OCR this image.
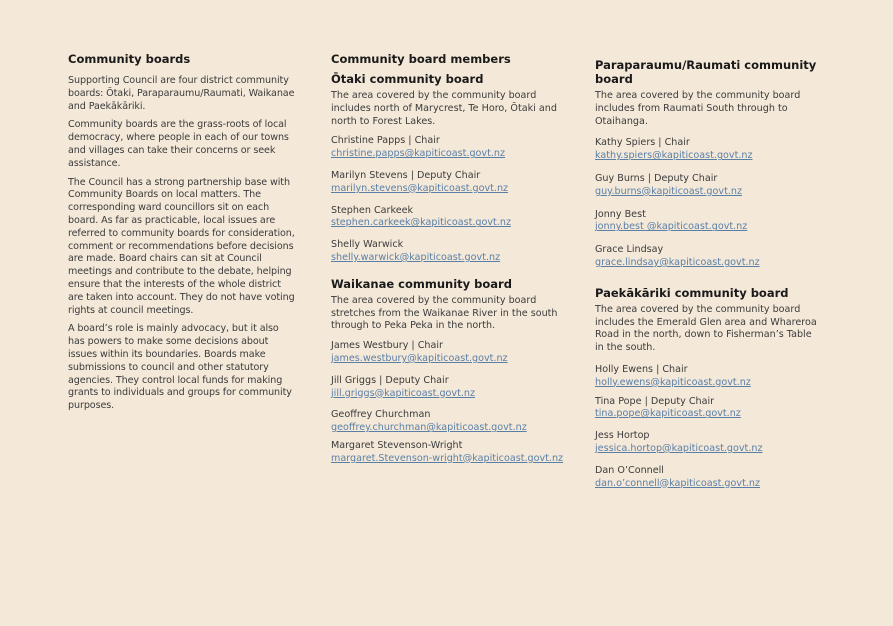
Community boards

Supporting Council are four district community boards: Ōtaki, Paraparaumu/Raumati, Waikanae and Paekākāriki.

Community boards are the grass-roots of local democracy, where people in each of our towns and villages can take their concerns or seek assistance.

The Council has a strong partnership base with Community Boards on local matters. The corresponding ward councillors sit on each board. As far as practicable, local issues are referred to community boards for consideration, comment or recommendations before decisions are made. Board chairs can sit at Council meetings and contribute to the debate, helping ensure that the interests of the whole district are taken into account. They do not have voting rights at council meetings.

A board’s role is mainly advocacy, but it also has powers to make some decisions about issues within its boundaries. Boards make submissions to council and other statutory agencies. They control local funds for making grants to individuals and groups for community purposes.

Community board members
Ōtaki community board
The area covered by the community board includes north of Marycrest, Te Horo, Ōtaki and north to Forest Lakes.
Christine Papps | Chair
christine.papps@kapiticoast.govt.nz
Marilyn Stevens | Deputy Chair
marilyn.stevens@kapiticoast.govt.nz
Stephen Carkeek
stephen.carkeek@kapiticoast.govt.nz
Shelly Warwick
shelly.warwick@kapiticoast.govt.nz
Waikanae community board
The area covered by the community board stretches from the Waikanae River in the south through to Peka Peka in the north.
James Westbury | Chair
james.westbury@kapiticoast.govt.nz
Jill Griggs | Deputy Chair
jill.griggs@kapiticoast.govt.nz
Geoffrey Churchman
geoffrey.churchman@kapiticoast.govt.nz
Margaret Stevenson-Wright
margaret.Stevenson-wright@kapiticoast.govt.nz
Paraparaumu/Raumati community board
The area covered by the community board includes from Raumati South through to Otaihanga.
Kathy Spiers | Chair
kathy.spiers@kapiticoast.govt.nz
Guy Burns | Deputy Chair
guy.burns@kapiticoast.govt.nz
Jonny Best
jonny.best @kapiticoast.govt.nz
Grace Lindsay
grace.lindsay@kapiticoast.govt.nz
Paekākāriki community board
The area covered by the community board includes the Emerald Glen area and Whareroa Road in the north, down to Fisherman’s Table in the south.
Holly Ewens | Chair
holly.ewens@kapiticoast.govt.nz
Tina Pope | Deputy Chair
tina.pope@kapiticoast.govt.nz
Jess Hortop
jessica.hortop@kapiticoast.govt.nz
Dan O’Connell
dan.o’connell@kapiticoast.govt.nz
